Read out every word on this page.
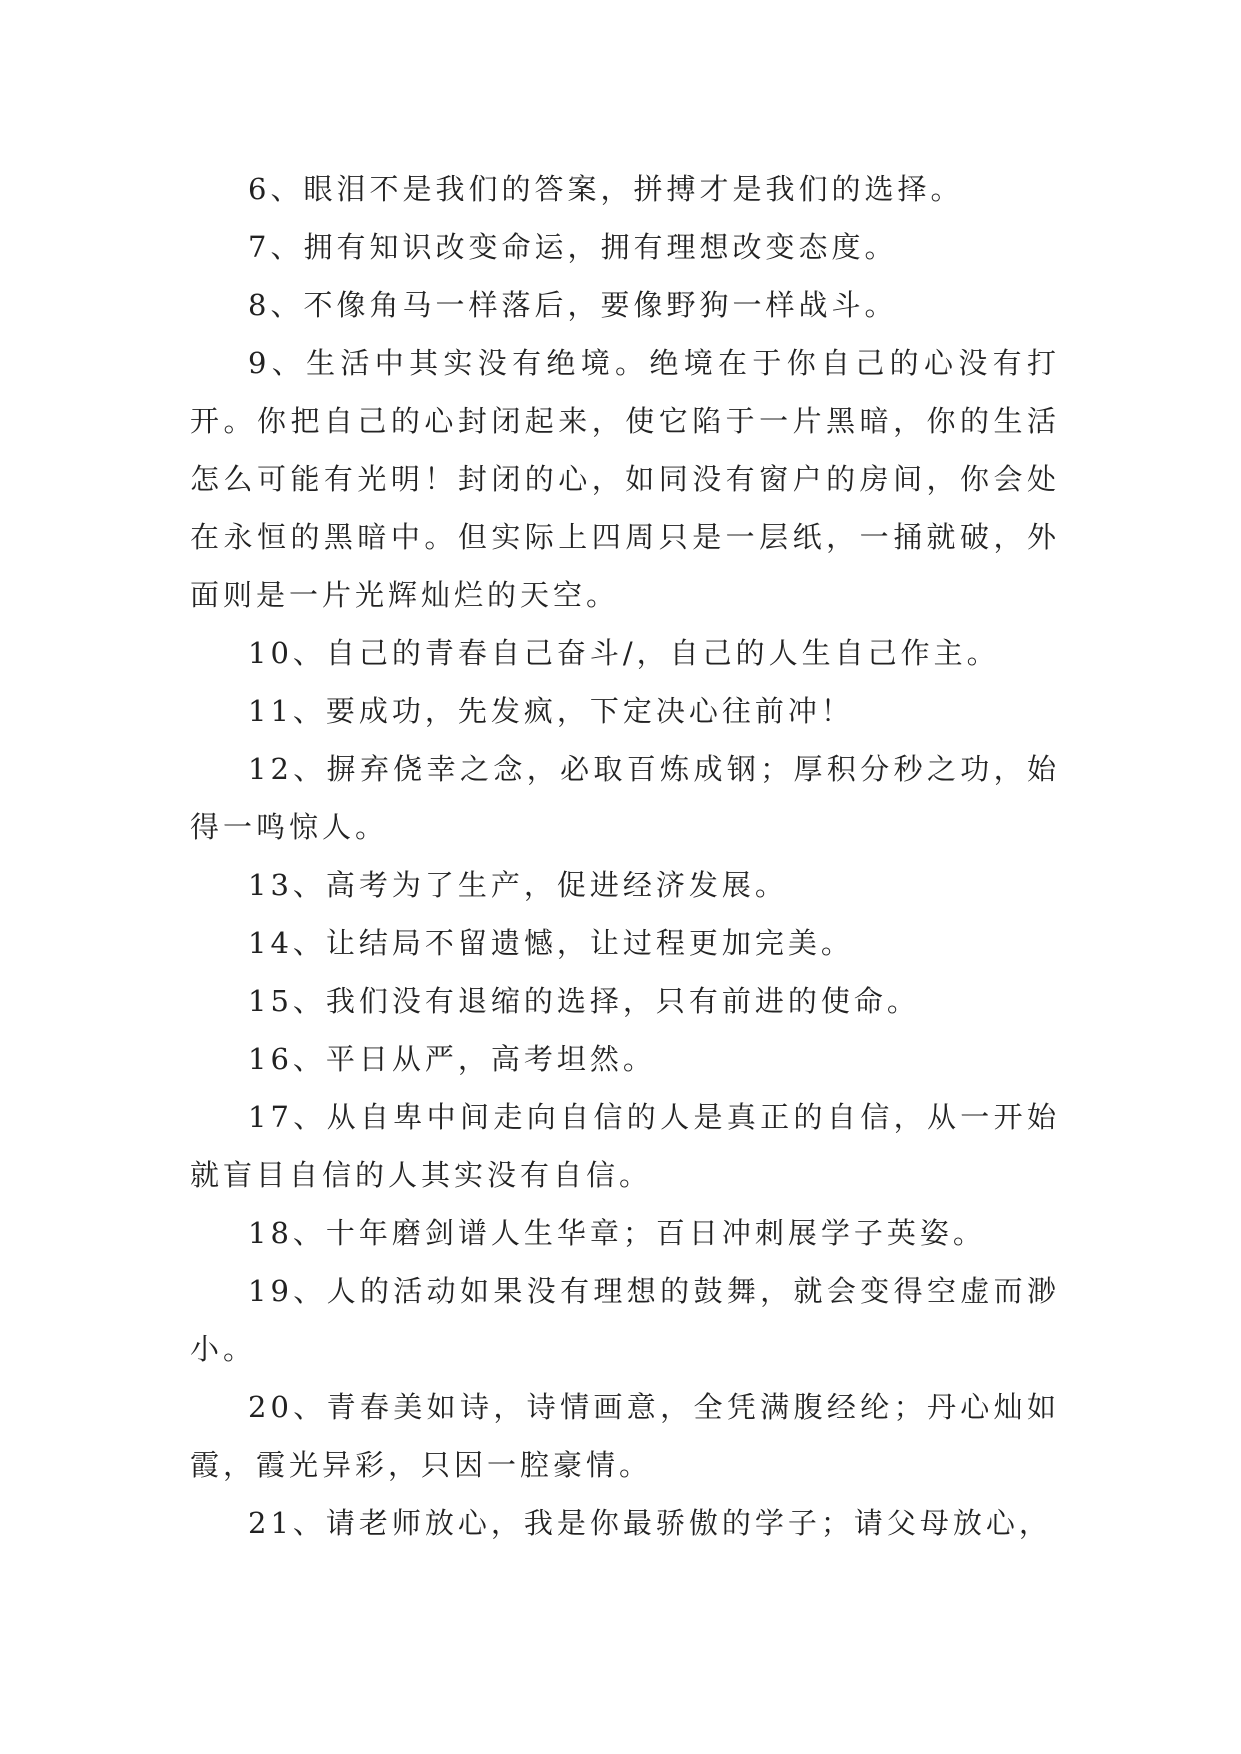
6、眼泪不是我们的答案，拼搏才是我们的选择。

7、拥有知识改变命运，拥有理想改变态度。

8、不像角马一样落后，要像野狗一样战斗。

9、生活中其实没有绝境。绝境在于你自己的心没有打开。你把自己的心封闭起来，使它陷于一片黑暗，你的生活怎么可能有光明！封闭的心，如同没有窗户的房间，你会处在永恒的黑暗中。但实际上四周只是一层纸，一捅就破，外面则是一片光辉灿烂的天空。

10、自己的青春自己奋斗/，自己的人生自己作主。

11、要成功，先发疯，下定决心往前冲！

12、摒弃侥幸之念，必取百炼成钢；厚积分秒之功，始得一鸣惊人。

13、高考为了生产，促进经济发展。

14、让结局不留遗憾，让过程更加完美。

15、我们没有退缩的选择，只有前进的使命。

16、平日从严，高考坦然。

17、从自卑中间走向自信的人是真正的自信，从一开始就盲目自信的人其实没有自信。

18、十年磨剑谱人生华章；百日冲刺展学子英姿。

19、人的活动如果没有理想的鼓舞，就会变得空虚而渺小。

20、青春美如诗，诗情画意，全凭满腹经纶；丹心灿如霞，霞光异彩，只因一腔豪情。

21、请老师放心，我是你最骄傲的学子；请父母放心，
